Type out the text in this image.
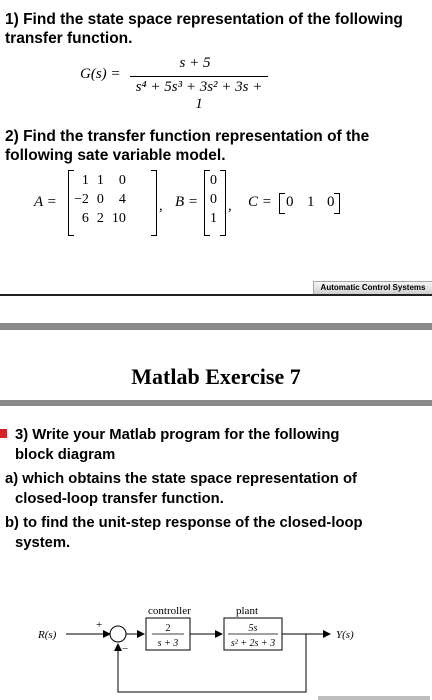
1) Find the state space representation of the following
transfer function.
G(s) =
s + 5
s⁴ + 5s³ + 3s² + 3s + 1
2) Find the transfer function representation of the
following sate variable model.
A =
1	1	0
−2	0	4
6	2	10
, B =
0
0
1
, C = 0 1 0
Automatic Control Systems
Matlab Exercise 7
3) Write your Matlab program for the following
block diagram
a) which obtains the state space representation of
closed-loop transfer function.
b) to find the unit-step response of the closed-loop
system.
R(s)
+
−
controller
2
s + 3
plant
5s
s² + 2s + 3
Y(s)
